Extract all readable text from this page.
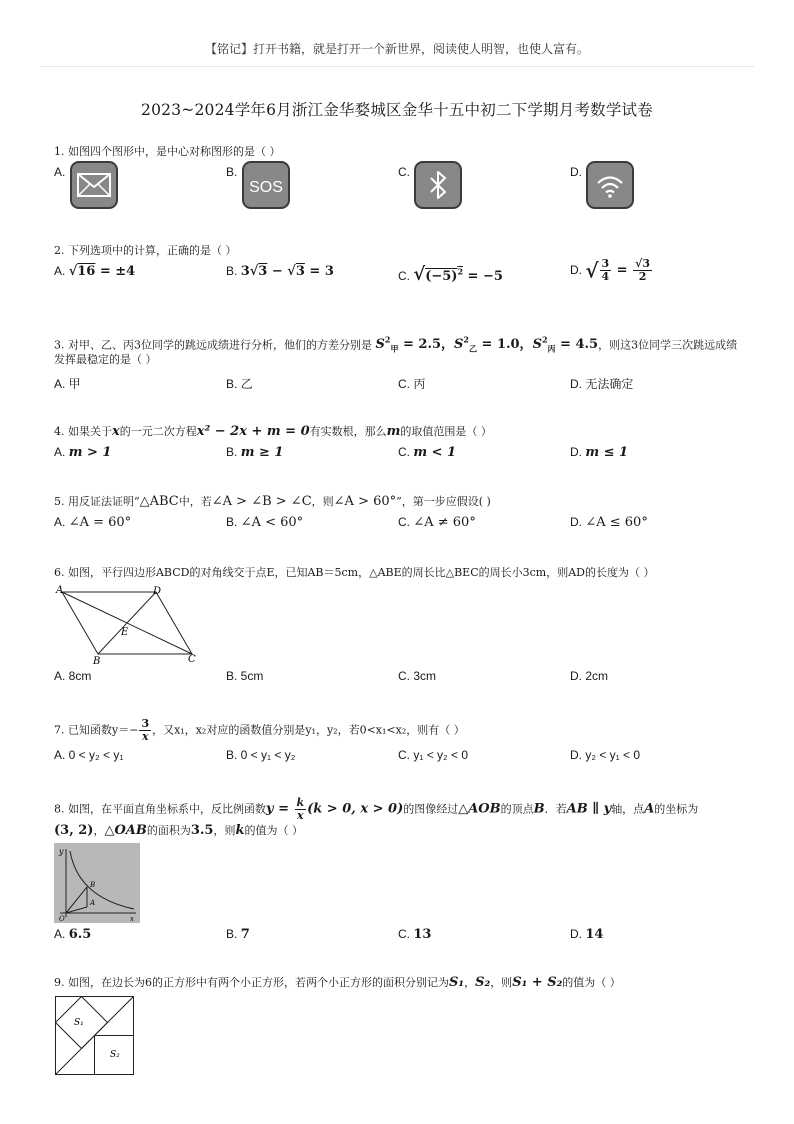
【铭记】打开书籍，就是打开一个新世界，阅读使人明智，也使人富有。
2023~2024学年6月浙江金华婺城区金华十五中初二下学期月考数学试卷
1. 如图四个图形中，是中心对称图形的是（ ）
A.	B.	C.	D.
SOS
2. 下列选项中的计算，正确的是（ ）
A. √16 = ±4	B. 3√3 − √3 = 3	C. $√(-5)^2 = -5$	D. √ $\frac{3}{4} = \frac{√3}{2}$
3. 对甲、乙、丙3位同学的跳远成绩进行分析，他们的方差分别是 $S^2_甲 = 2.5$，$S^2_乙 = 1.0$，$S^2_丙 = 4.5$，则这3位同学三次跳远成绩
发挥最稳定的是（ ）
A. 甲	B. 乙	C. 丙	D. 无法确定
4. 如果关于x的一元二次方程x² − 2x + m = 0有实数根，那么m的取值范围是（ ）
A. m > 1	B. m ≥ 1	C. m < 1	D. m ≤ 1
5. 用反证法证明“△ABC中，若∠A > ∠B > ∠C，则∠A > 60°”，第一步应假设( )
A. ∠A = 60°	B. ∠A < 60°	C. ∠A ≠ 60°	D. ∠A ≤ 60°
6. 如图，平行四边形ABCD的对角线交于点E，已知AB＝5cm，△ABE的周长比△BEC的周长小3cm，则AD的长度为（ ）
A	D
E
B	C
A. 8cm	B. 5cm	C. 3cm	D. 2cm
7. 已知函数$y=- \frac{3}{x}$ ，又x₁，x₂对应的函数值分别是y₁，y₂，若0<x₁<x₂，则有（ ）
A. 0 < y₂ < y₁	B. 0 < y₁ < y₂	C. y₁ < y₂ < 0	D. y₂ < y₁ < 0
8. 如图，在平面直角坐标系中，反比例函数$y = \frac{k}{x} (k > 0$, x > 0)的图像经过△AOB的顶点B．若AB ∥ y轴，点A的坐标为
(3, 2)，△OAB的面积为3.5，则k的值为（ ）
y
B
A
O	x
A. 6.5	B. 7	C. 13	D. 14
9. 如图，在边长为6的正方形中有两个小正方形，若两个小正方形的面积分别记为S₁，S₂，则S₁ + S₂的值为（ ）
S₁
S₂
